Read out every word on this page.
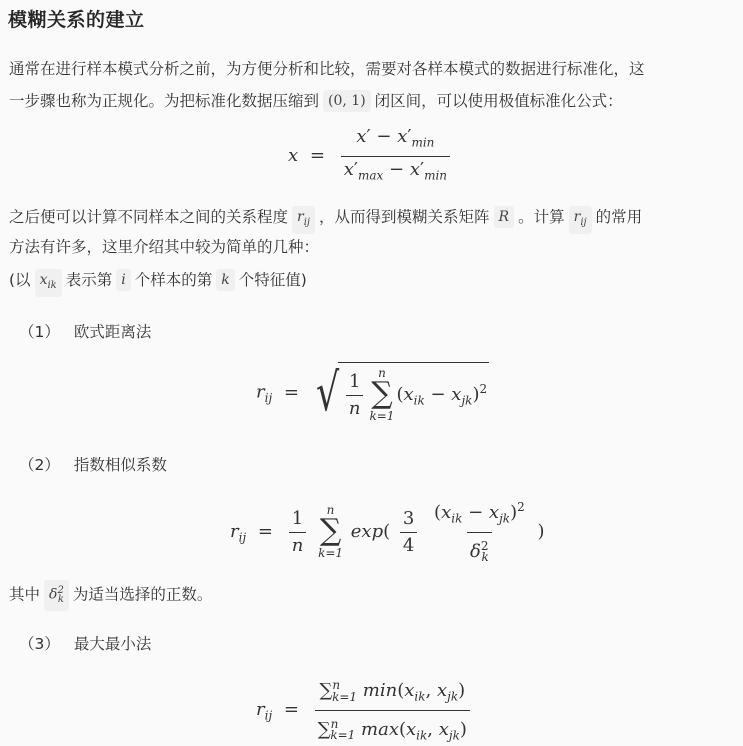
模糊关系的建立

通常在进行样本模式分析之前，为方便分析和比较，需要对各样本模式的数据进行标准化，这

一步骤也称为正规化。为把标准化数据压缩到 (0, 1) 闭区间，可以使用极值标准化公式：

$x = \frac{x' - x'_{min}}{x'_{max} - x'_{min}}$

之后便可以计算不同样本之间的关系程度 $r_{ij}$ ，从而得到模糊关系矩阵 R 。计算 $r_{ij}$ 的常用

方法有许多，这里介绍其中较为简单的几种：

(以 $x_{ik}$ 表示第 i 个样本的第 k 个特征值)

（1） 欧式距离法
$r_{ij}$ = √ $\frac{1}{n}$ n
∑
k=1
$(x_{ik} - x_{jk})^2$
（2） 指数相似系数
$r_{ij} = \frac{1}{n}$
n
∑
k=1
$\exp( \frac{3}{4}$
$\frac{(x_{ik} - x_{jk})^2}{\delta^2_k}$ )

其中 $\delta^2_k$ 为适当选择的正数。

（3） 最大最小法
$r_{ij} = \frac{\sum^n_{k=1} \min(x_{ik}, x_{jk})}{\sum^n_{k=1} \max(x_{ik}, x_{jk})}$
